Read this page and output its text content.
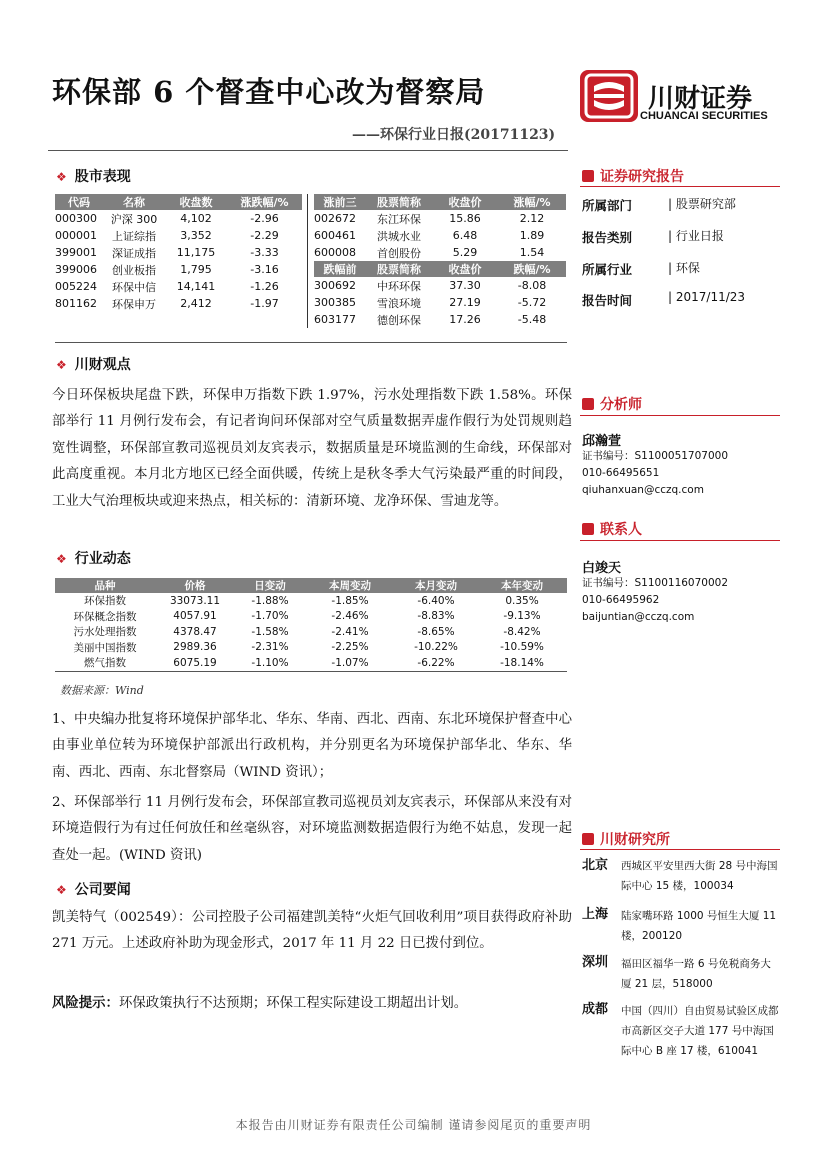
环保部 6 个督查中心改为督察局
——环保行业日报(20171123)
川财证券
CHUANCAI SECURITIES
❖ 股市表现
代码	名称	收盘数	涨跌幅/%
000300	沪深 300	4,102	-2.96
000001	上证综指	3,352	-2.29
399001	深证成指	11,175	-3.33
399006	创业板指	1,795	-3.16
005224	环保中信	14,141	-1.26
801162	环保申万	2,412	-1.97
涨前三	股票简称	收盘价	涨幅/%
002672	东江环保	15.86	2.12
600461	洪城水业	6.48	1.89
600008	首创股份	5.29	1.54
跌幅前	股票简称	收盘价	跌幅/%
300692	中环环保	37.30	-8.08
300385	雪浪环境	27.19	-5.72
603177	德创环保	17.26	-5.48
❖ 川财观点
今日环保板块尾盘下跌，环保申万指数下跌 1.97%，污水处理指数下跌 1.58%。环保部举行 11 月例行发布会，有记者询问环保部对空气质量数据弄虚作假行为处罚规则趋宽性调整，环保部宣教司巡视员刘友宾表示，数据质量是环境监测的生命线，环保部对此高度重视。本月北方地区已经全面供暖，传统上是秋冬季大气污染最严重的时间段，工业大气治理板块或迎来热点，相关标的：清新环境、龙净环保、雪迪龙等。
❖ 行业动态
品种	价格	日变动	本周变动	本月变动	本年变动
环保指数	33073.11	-1.88%	-1.85%	-6.40%	0.35%
环保概念指数	4057.91	-1.70%	-2.46%	-8.83%	-9.13%
污水处理指数	4378.47	-1.58%	-2.41%	-8.65%	-8.42%
美丽中国指数	2989.36	-2.31%	-2.25%	-10.22%	-10.59%
燃气指数	6075.19	-1.10%	-1.07%	-6.22%	-18.14%
数据来源：Wind
1、中央编办批复将环境保护部华北、华东、华南、西北、西南、东北环境保护督查中心由事业单位转为环境保护部派出行政机构，并分别更名为环境保护部华北、华东、华南、西北、西南、东北督察局（WIND 资讯）；
2、环保部举行 11 月例行发布会，环保部宣教司巡视员刘友宾表示，环保部从来没有对环境造假行为有过任何放任和丝毫纵容，对环境监测数据造假行为绝不姑息，发现一起查处一起。(WIND 资讯)
❖ 公司要闻
凯美特气（002549）：公司控股子公司福建凯美特“火炬气回收利用”项目获得政府补助 271 万元。上述政府补助为现金形式，2017 年 11 月 22 日已拨付到位。
风险提示：环保政策执行不达预期；环保工程实际建设工期超出计划。
证券研究报告
所属部门	| 股票研究部
报告类别	| 行业日报
所属行业	| 环保
报告时间	| 2017/11/23
分析师
邱瀚萱
证书编号：S1100051707000
010-66495651
qiuhanxuan@cczq.com
联系人
白竣天
证书编号：S1100116070002
010-66495962
baijuntian@cczq.com
川财研究所
北京 西城区平安里西大街 28 号中海国际中心 15 楼，100034
上海 陆家嘴环路 1000 号恒生大厦 11 楼，200120
深圳 福田区福华一路 6 号免税商务大厦 21 层，518000
成都 中国（四川）自由贸易试验区成都市高新区交子大道 177 号中海国际中心 B 座 17 楼，610041
本报告由川财证券有限责任公司编制 谨请参阅尾页的重要声明
